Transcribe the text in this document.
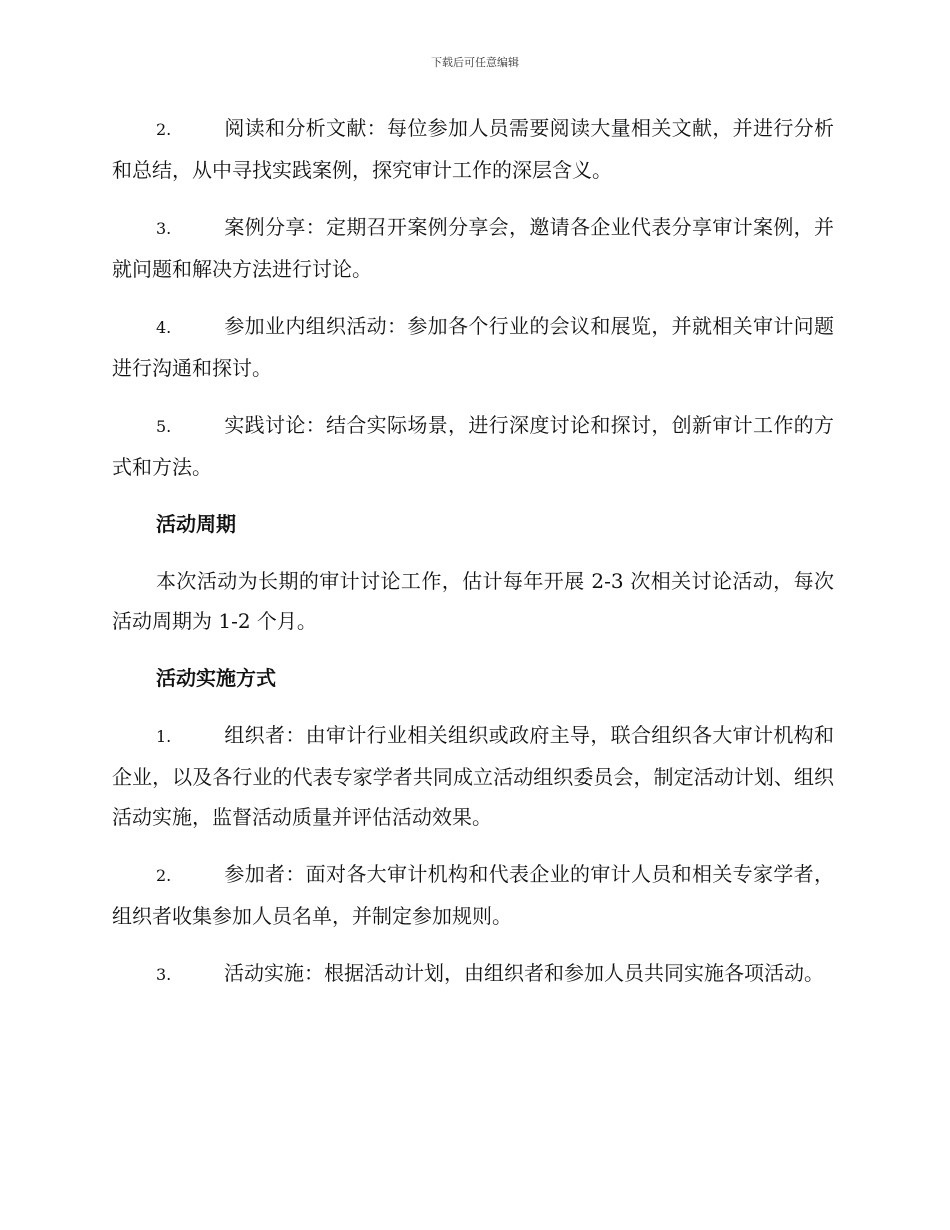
下载后可任意编辑
2.	阅读和分析文献：每位参加人员需要阅读大量相关文献，并进行分析和总结，从中寻找实践案例，探究审计工作的深层含义。
3.	案例分享：定期召开案例分享会，邀请各企业代表分享审计案例，并就问题和解决方法进行讨论。
4.	参加业内组织活动：参加各个行业的会议和展览，并就相关审计问题进行沟通和探讨。
5.	实践讨论：结合实际场景，进行深度讨论和探讨，创新审计工作的方式和方法。
活动周期
本次活动为长期的审计讨论工作，估计每年开展 2-3 次相关讨论活动，每次活动周期为 1-2 个月。
活动实施方式
1.	组织者：由审计行业相关组织或政府主导，联合组织各大审计机构和企业，以及各行业的代表专家学者共同成立活动组织委员会，制定活动计划、组织活动实施，监督活动质量并评估活动效果。
2.	参加者：面对各大审计机构和代表企业的审计人员和相关专家学者，组织者收集参加人员名单，并制定参加规则。
3.	活动实施：根据活动计划，由组织者和参加人员共同实施各项活动。
